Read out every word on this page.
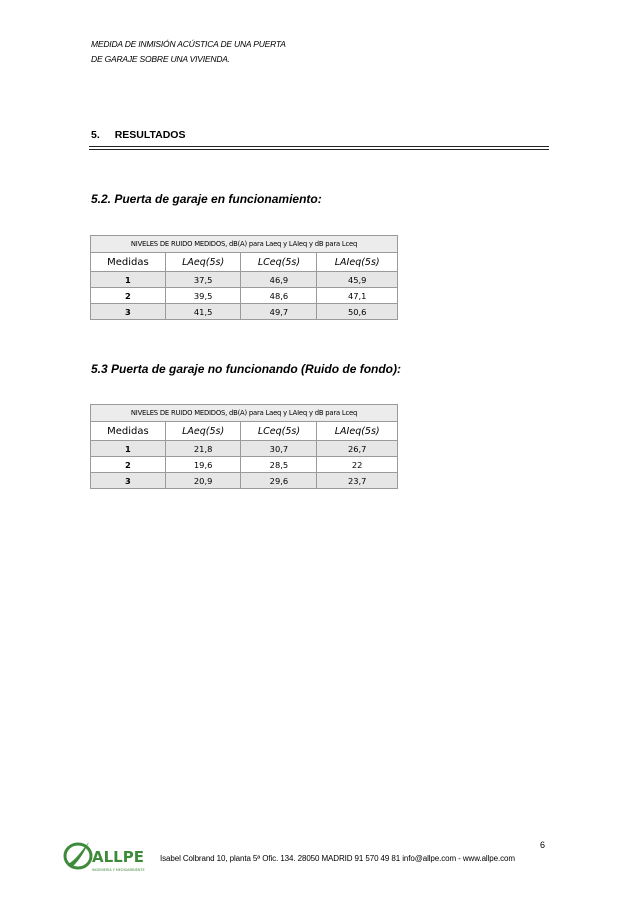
MEDIDA DE INMISIÓN ACÚSTICA DE UNA PUERTA
DE GARAJE SOBRE UNA VIVIENDA.
5. RESULTADOS
5.2. Puerta de garaje en funcionamiento:
NIVELES DE RUIDO MEDIDOS, dB(A) para Laeq y LAIeq y dB para Lceq			
Medidas	LAeq(5s)	LCeq(5s)	LAIeq(5s)
1	37,5	46,9	45,9
2	39,5	48,6	47,1
3	41,5	49,7	50,6
5.3 Puerta de garaje no funcionando (Ruido de fondo):
NIVELES DE RUIDO MEDIDOS, dB(A) para Laeq y LAIeq y dB para Lceq			
Medidas	LAeq(5s)	LCeq(5s)	LAIeq(5s)
1	21,8	30,7	26,7
2	19,6	28,5	22
3	20,9	29,6	23,7
6
ALLPE
INGENIERÍA Y MEDIOAMBIENTE
Isabel Colbrand 10, planta 5ª Ofic. 134. 28050 MADRID 91 570 49 81 info@allpe.com - www.allpe.com
